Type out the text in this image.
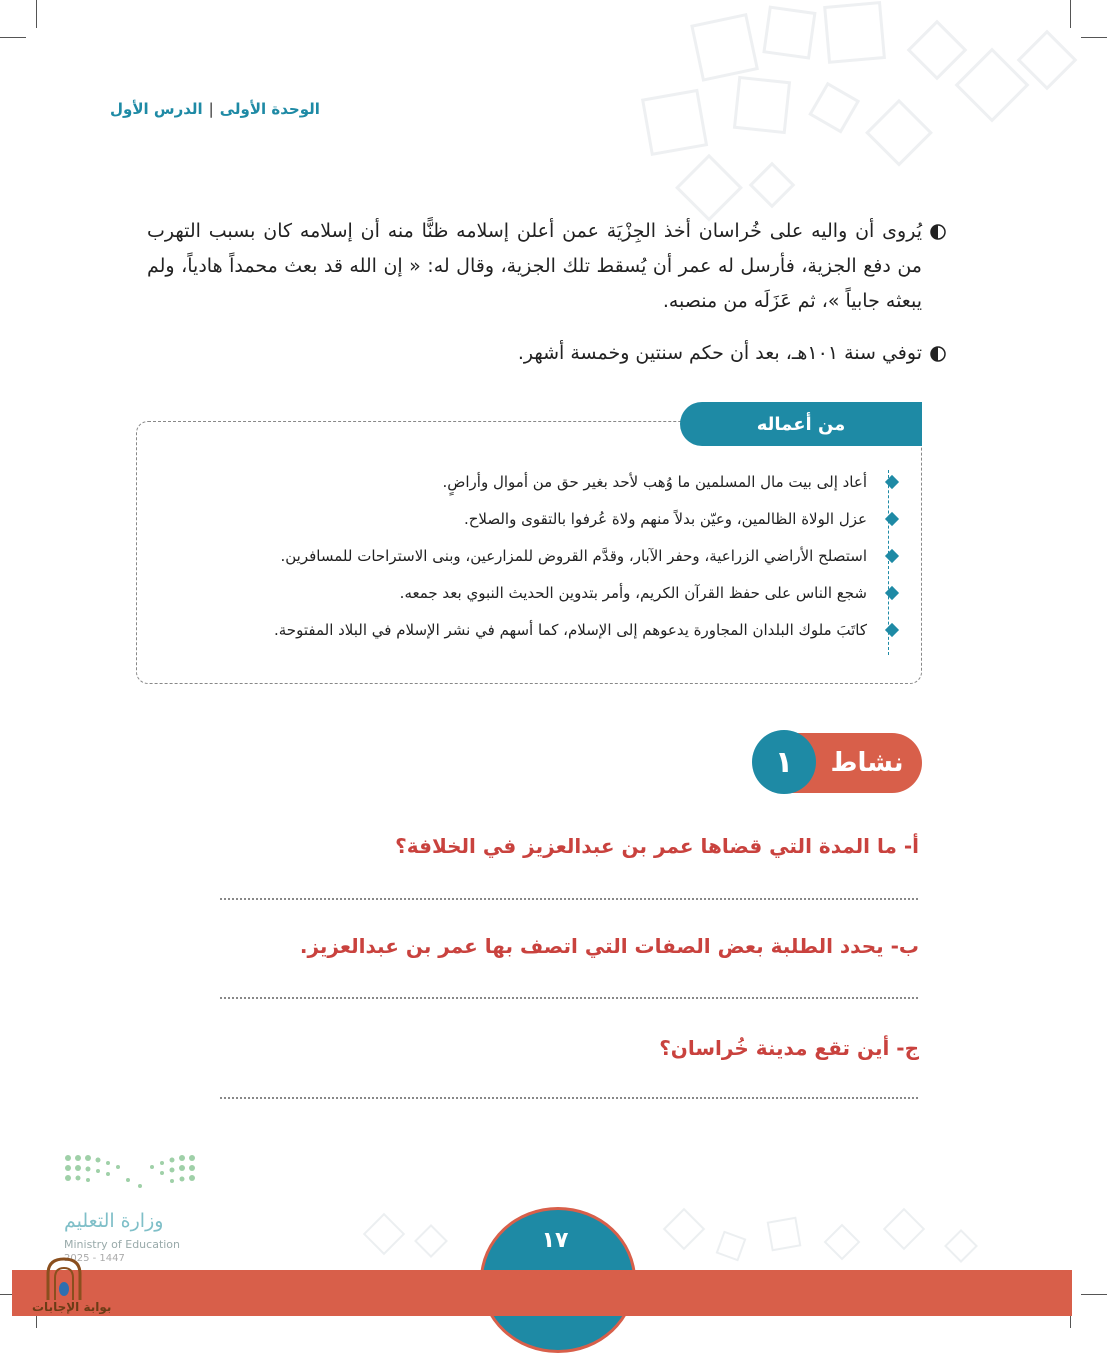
الوحدة الأولى|الدرس الأول
يُروى أن واليه على خُراسان أخذ الجِزْيَة عمن أعلن إسلامه ظنًّا منه أن إسلامه كان بسبب التهرب من دفع الجزية، فأرسل له عمر أن يُسقط تلك الجزية، وقال له: « إن الله قد بعث محمداً هادياً، ولم يبعثه جابياً »، ثم عَزَلَه من منصبه.
توفي سنة ١٠١هـ، بعد أن حكم سنتين وخمسة أشهر.
من أعماله
أعاد إلى بيت مال المسلمين ما وُهب لأحد بغير حق من أموال وأراضٍ.
عزل الولاة الظالمين، وعيّن بدلاً منهم ولاة عُرفوا بالتقوى والصلاح.
استصلح الأراضي الزراعية، وحفر الآبار، وقدَّم القروض للمزارعين، وبنى الاستراحات للمسافرين.
شجع الناس على حفظ القرآن الكريم، وأمر بتدوين الحديث النبوي بعد جمعه.
كاتَبَ ملوك البلدان المجاورة يدعوهم إلى الإسلام، كما أسهم في نشر الإسلام في البلاد المفتوحة.
نشاط
١
أ- ما المدة التي قضاها عمر بن عبدالعزيز في الخلافة؟
ب- يحدد الطلبة بعض الصفات التي اتصف بها عمر بن عبدالعزيز.
ج- أين تقع مدينة خُراسان؟
١٧
وزارة التعليم
Ministry of Education
2025 - 1447
بوابة الإجابات
